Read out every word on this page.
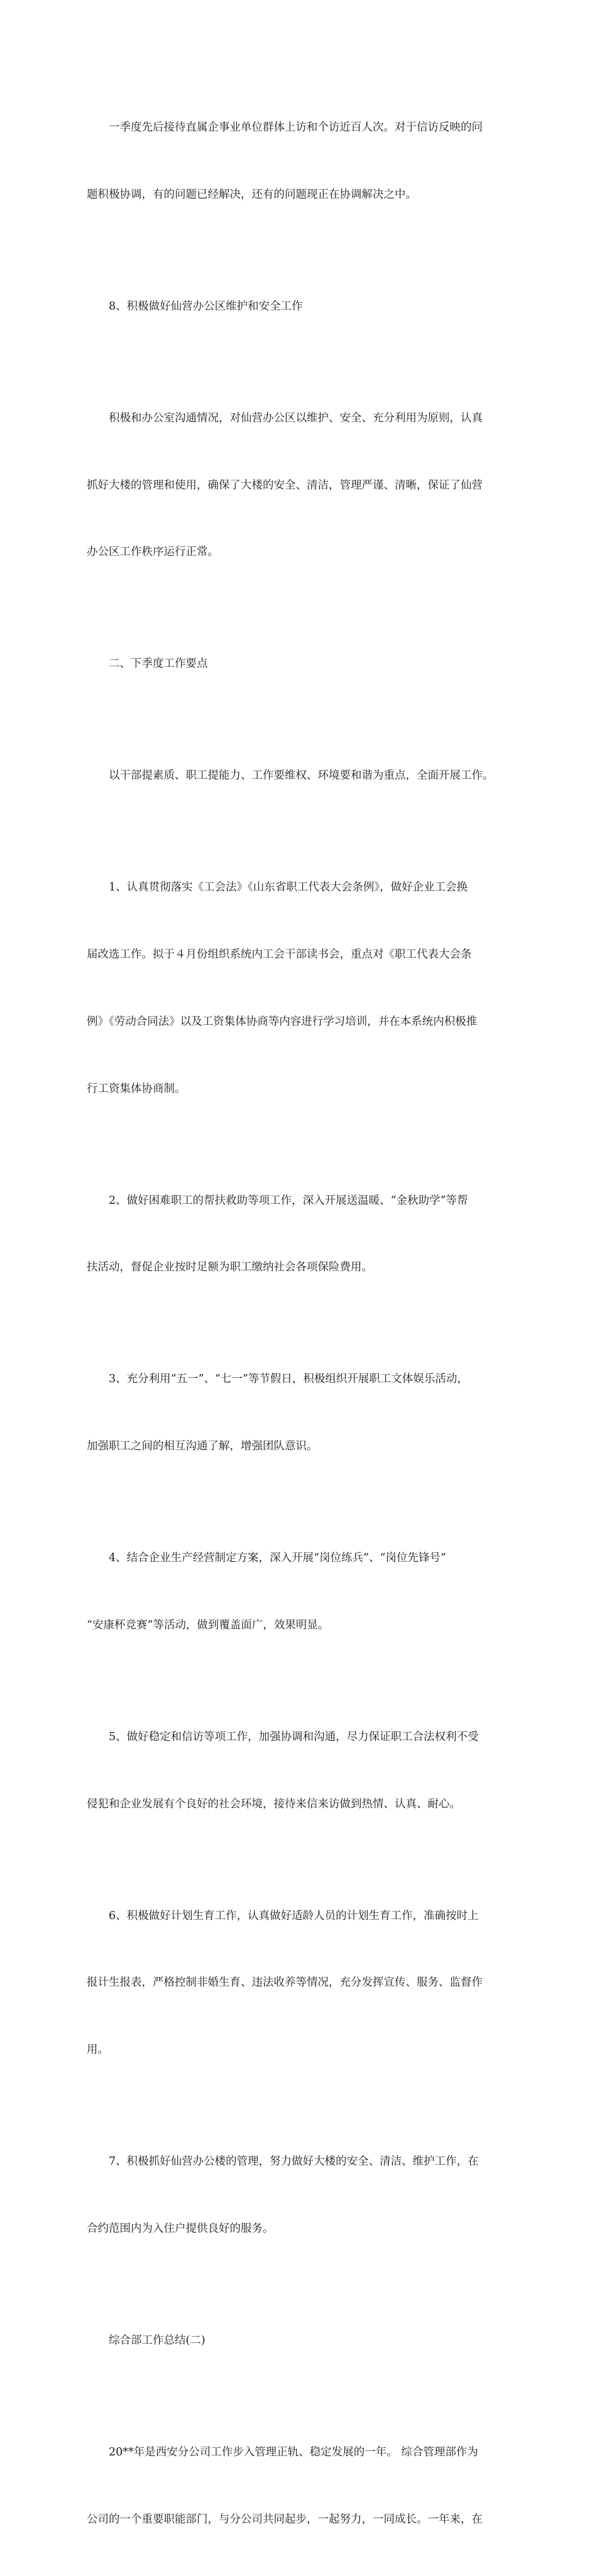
一季度先后接待直属企事业单位群体上访和个访近百人次。对于信访反映的问

题积极协调，有的问题已经解决，还有的问题现正在协调解决之中。

8、积极做好仙营办公区维护和安全工作

积极和办公室沟通情况，对仙营办公区以维护、安全、充分利用为原则，认真

抓好大楼的管理和使用，确保了大楼的安全、清洁，管理严谨、清晰，保证了仙营

办公区工作秩序运行正常。

二、下季度工作要点

以干部提素质、职工提能力、工作要维权、环境要和谐为重点，全面开展工作。

1、认真贯彻落实《工会法》《山东省职工代表大会条例》，做好企业工会换

届改选工作。拟于４月份组织系统内工会干部读书会，重点对《职工代表大会条

例》《劳动合同法》以及工资集体协商等内容进行学习培训，并在本系统内积极推

行工资集体协商制。

2、做好困难职工的帮扶救助等项工作，深入开展送温暖、“金秋助学”等帮

扶活动，督促企业按时足额为职工缴纳社会各项保险费用。

3、充分利用“五一”、“七一”等节假日，积极组织开展职工文体娱乐活动，

加强职工之间的相互沟通了解，增强团队意识。

4、结合企业生产经营制定方案，深入开展“岗位练兵”、“岗位先锋号”

“安康杯竞赛”等活动，做到覆盖面广，效果明显。

5、做好稳定和信访等项工作，加强协调和沟通，尽力保证职工合法权利不受

侵犯和企业发展有个良好的社会环境，接待来信来访做到热情、认真、耐心。

6、积极做好计划生育工作，认真做好适龄人员的计划生育工作，准确按时上

报计生报表，严格控制非婚生育、违法收养等情况，充分发挥宣传、服务、监督作

用。

7、积极抓好仙营办公楼的管理，努力做好大楼的安全、清洁、维护工作，在

合约范围内为入住户提供良好的服务。

综合部工作总结(二)

20**年是西安分公司工作步入管理正轨、稳定发展的一年。 综合管理部作为

公司的一个重要职能部门，与分公司共同起步，一起努力，一同成长。一年来，在
